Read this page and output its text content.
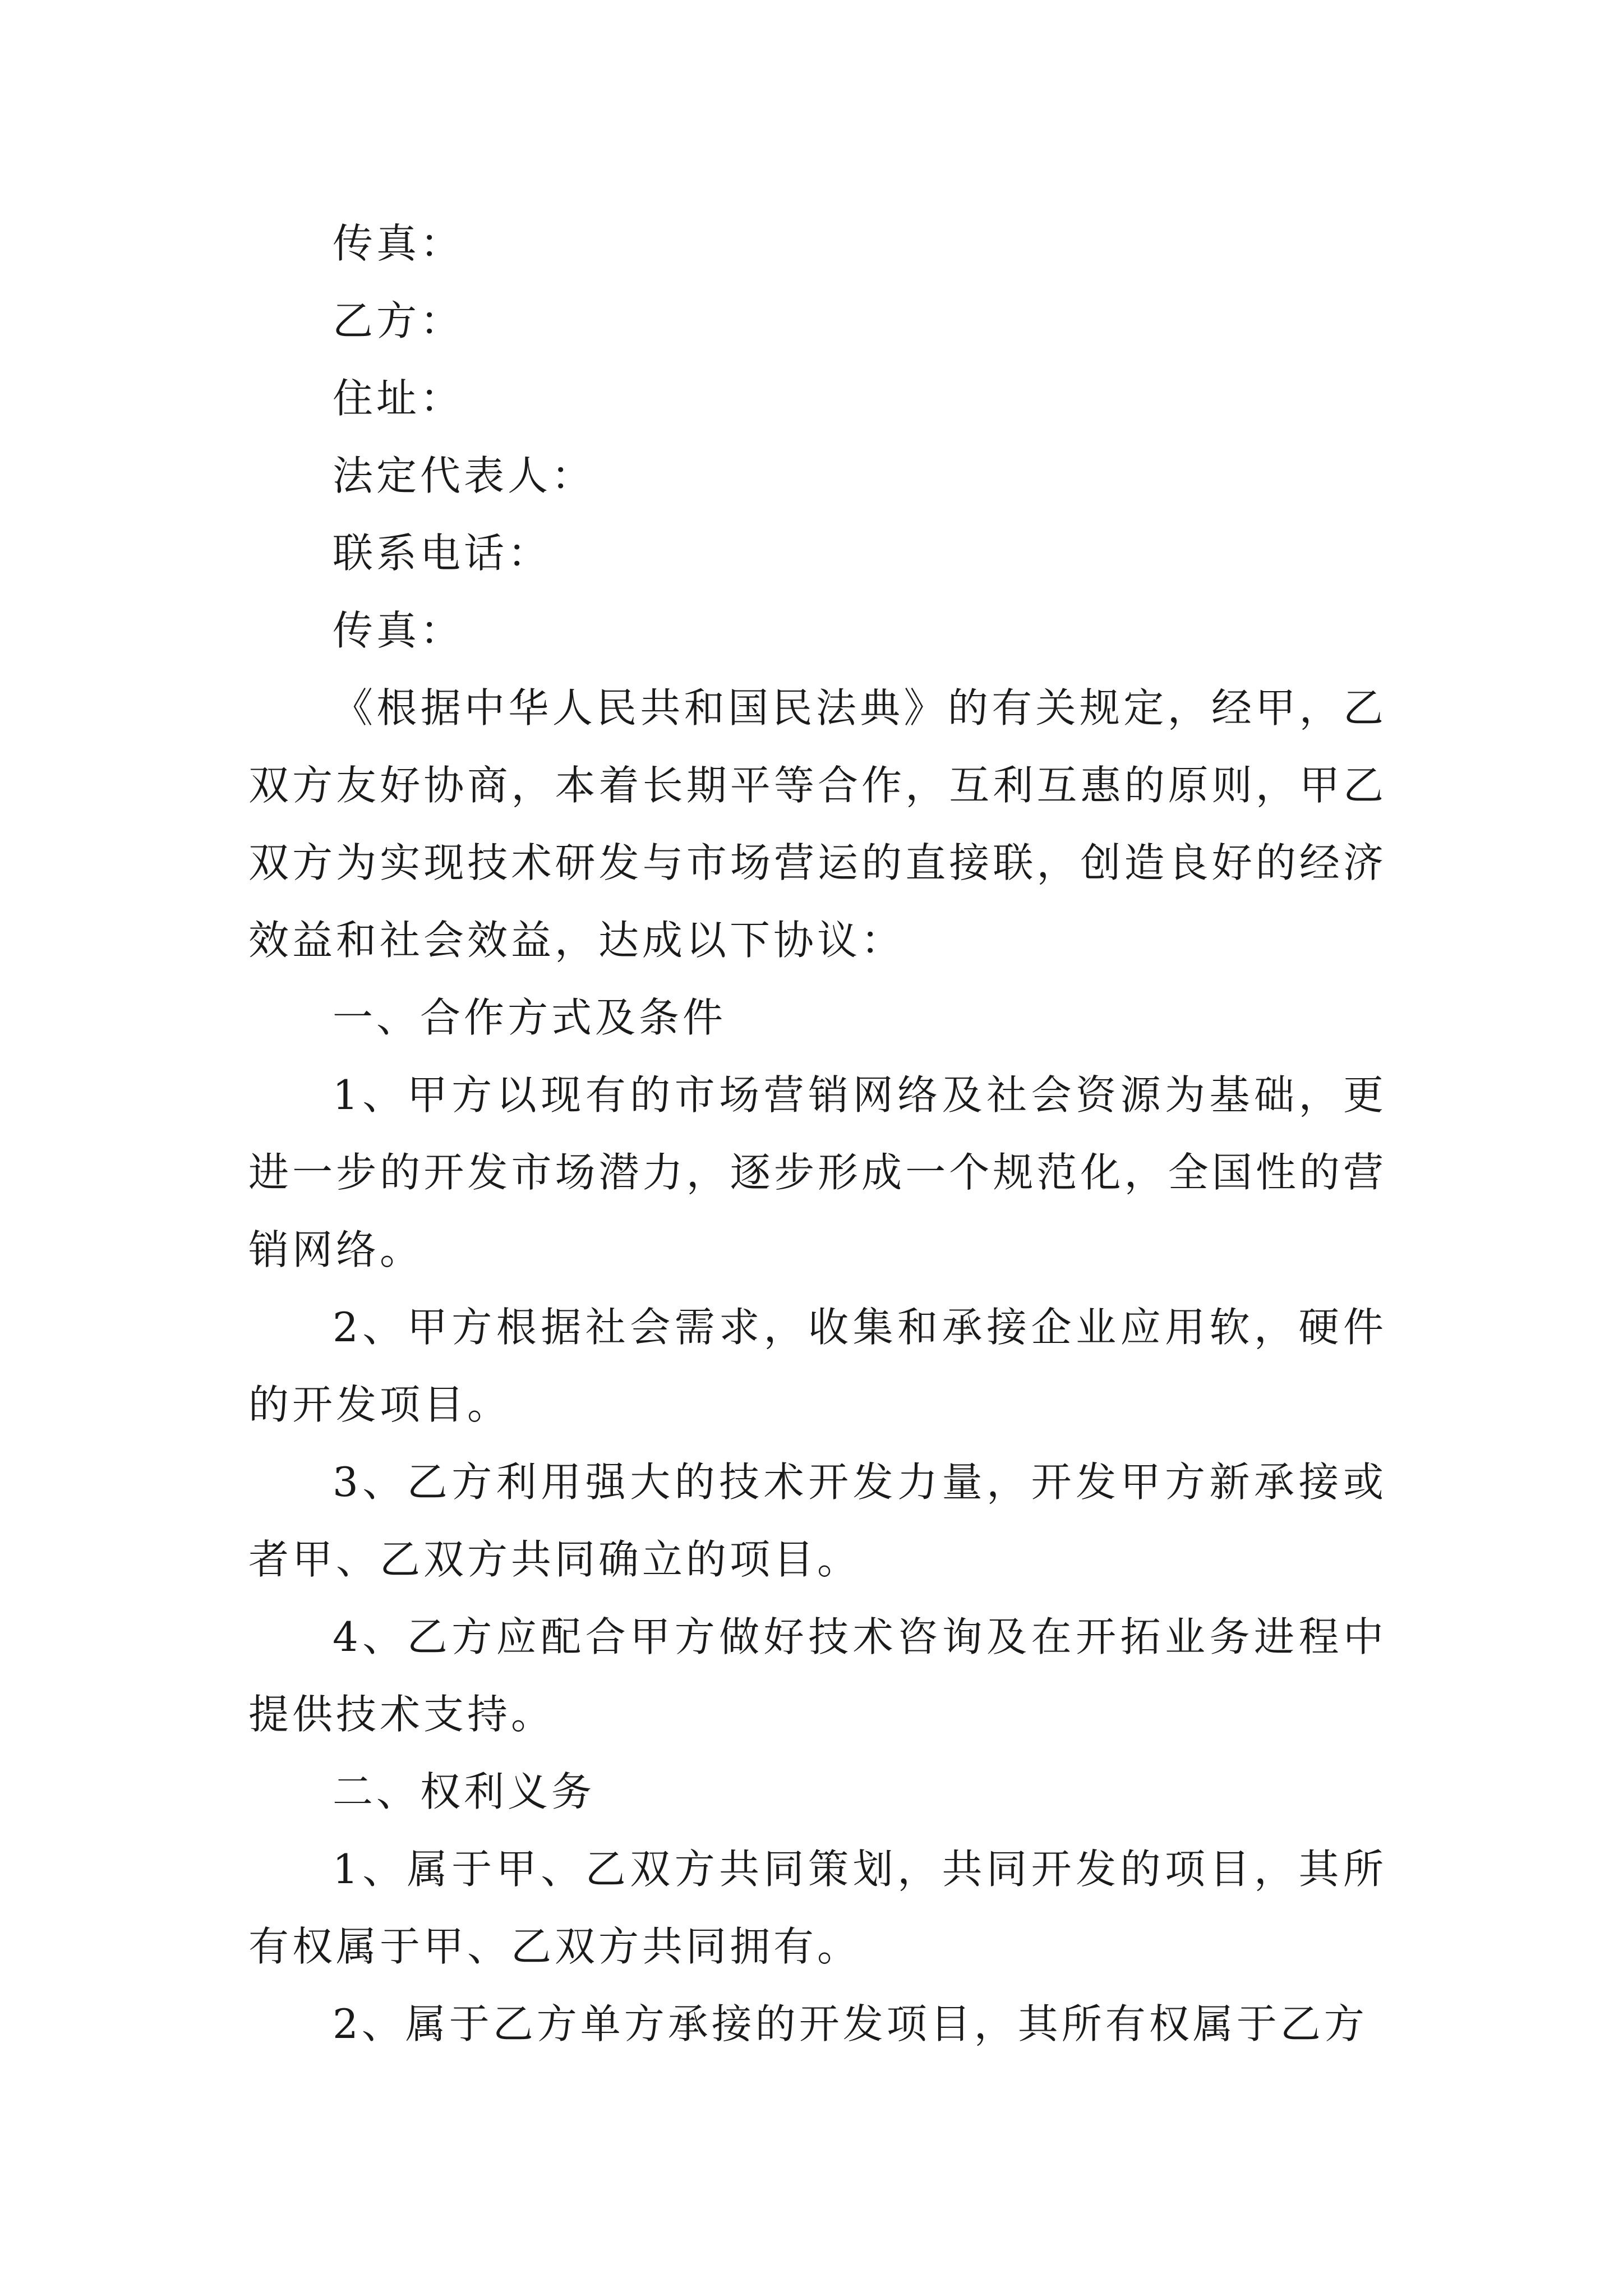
传真：

乙方：

住址：

法定代表人：

联系电话：

传真：

《根据中华人民共和国民法典》的有关规定，经甲，乙双方友好协商，本着长期平等合作，互利互惠的原则，甲乙双方为实现技术研发与市场营运的直接联，创造良好的经济效益和社会效益，达成以下协议：

一、合作方式及条件

1、甲方以现有的市场营销网络及社会资源为基础，更进一步的开发市场潜力，逐步形成一个规范化，全国性的营销网络。

2、甲方根据社会需求，收集和承接企业应用软，硬件的开发项目。

3、乙方利用强大的技术开发力量，开发甲方新承接或者甲、乙双方共同确立的项目。

4、乙方应配合甲方做好技术咨询及在开拓业务进程中提供技术支持。

二、权利义务

1、属于甲、乙双方共同策划，共同开发的项目，其所有权属于甲、乙双方共同拥有。

2、属于乙方单方承接的开发项目，其所有权属于乙方
